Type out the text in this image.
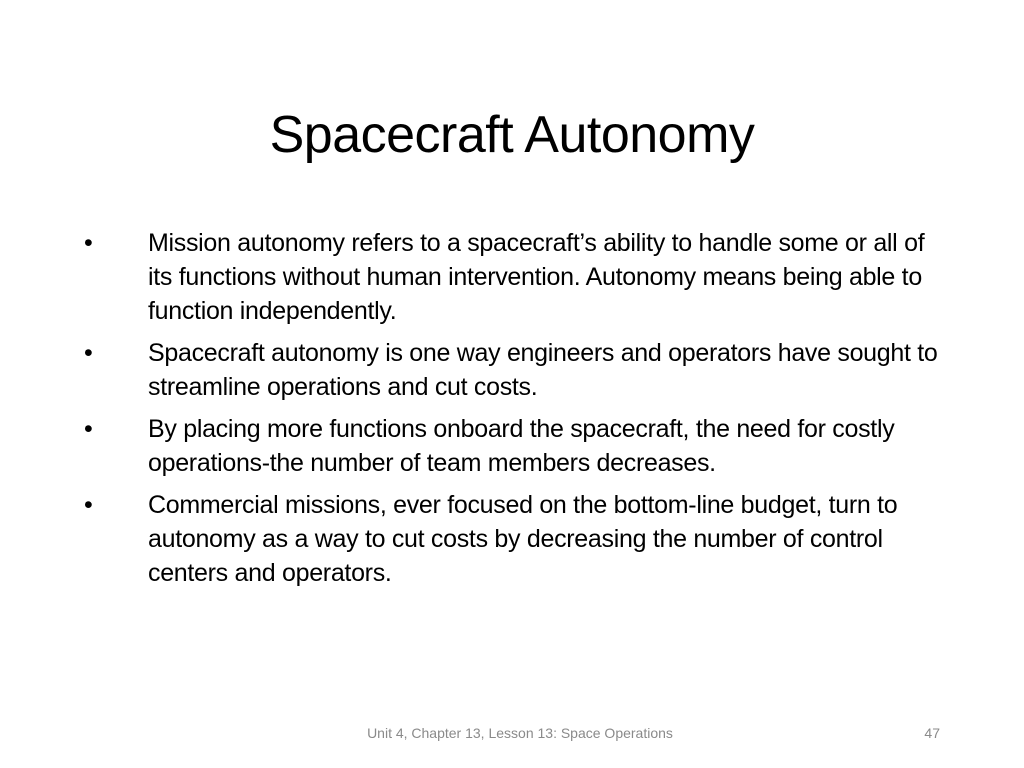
Spacecraft Autonomy
•	Mission autonomy refers to a spacecraft’s ability to handle some or all of its functions without human intervention. Autonomy means being able to function independently.
•	Spacecraft autonomy is one way engineers and operators have sought to streamline operations and cut costs.
•	By placing more functions onboard the spacecraft, the need for costly operations-the number of team members decreases.
•	Commercial missions, ever focused on the bottom-line budget, turn to autonomy as a way to cut costs by decreasing the number of control centers and operators.
Unit 4, Chapter 13, Lesson 13: Space Operations	47
